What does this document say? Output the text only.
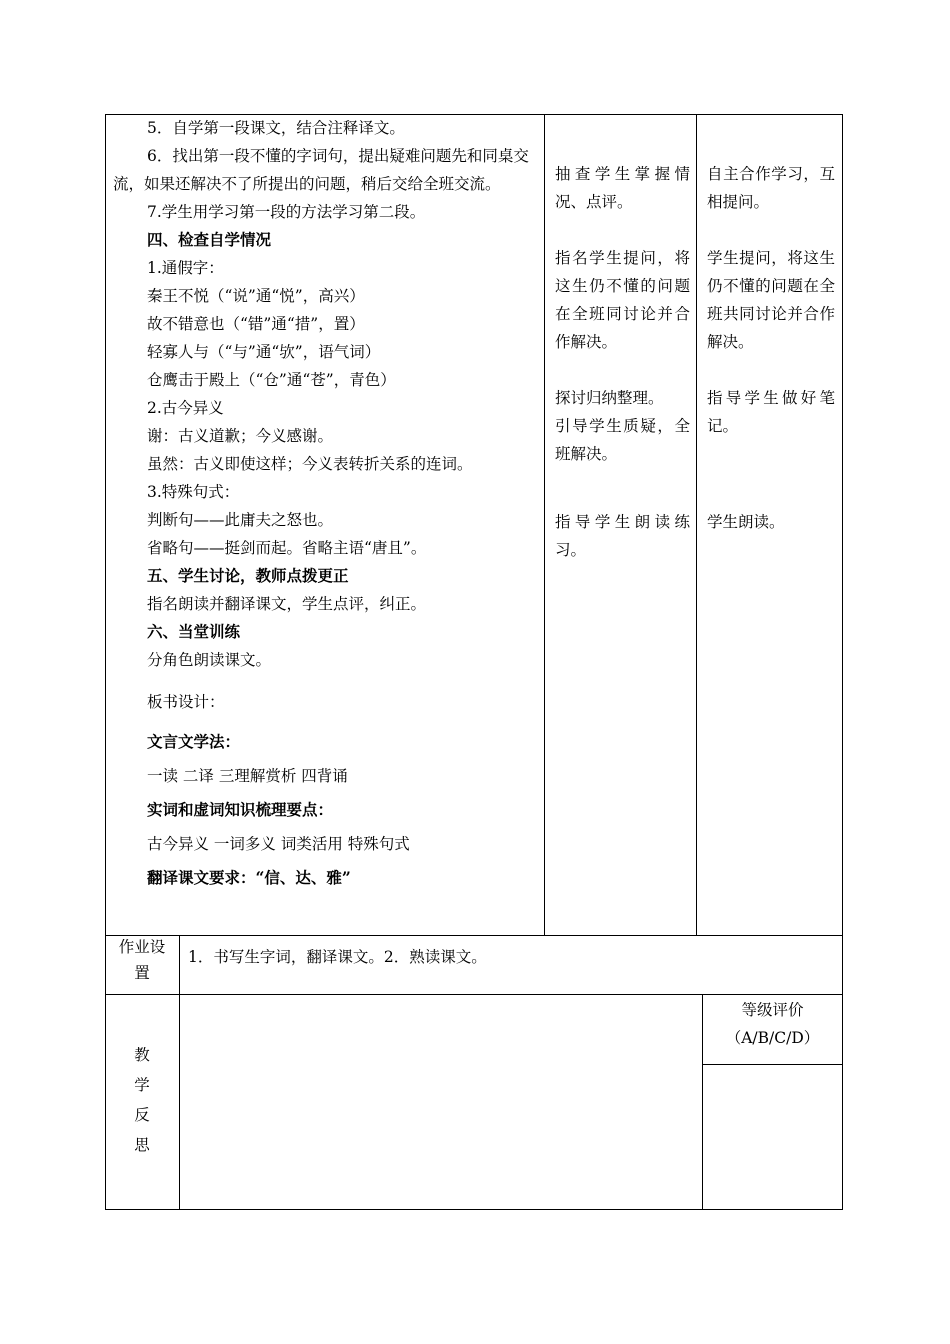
5．自学第一段课文，结合注释译文。

6．找出第一段不懂的字词句，提出疑难问题先和同桌交流，如果还解决不了所提出的问题，稍后交给全班交流。

7.学生用学习第一段的方法学习第二段。

四、检查自学情况

1.通假字：

秦王不悦（“说”通“悦”，高兴）

故不错意也（“错”通“措”，置）

轻寡人与（“与”通“欤”，语气词）

仓鹰击于殿上（“仓”通“苍”，青色）

2.古今异义

谢：古义道歉；今义感谢。

虽然：古义即使这样；今义表转折关系的连词。

3.特殊句式：

判断句——此庸夫之怒也。

省略句——挺剑而起。省略主语“唐且”。

五、学生讨论，教师点拨更正

指名朗读并翻译课文，学生点评，纠正。

六、当堂训练

分角色朗读课文。

板书设计：

文言文学法：

一读 二译 三理解赏析 四背诵

实词和虚词知识梳理要点：

古今异义 一词多义 词类活用 特殊句式

翻译课文要求：“信、达、雅”

抽查学生掌握情况、点评。

指名学生提问，将这生仍不懂的问题在全班同讨论并合作解决。

探讨归纳整理。

引导学生质疑，全班解决。

指导学生朗读练习。

自主合作学习，互相提问。

学生提问，将这生仍不懂的问题在全班共同讨论并合作解决。

指导学生做好笔记。

学生朗读。

作业设
置
1．书写生字词，翻译课文。2．熟读课文。
教
学
反
思
等级评价
（A/B/C/D）
